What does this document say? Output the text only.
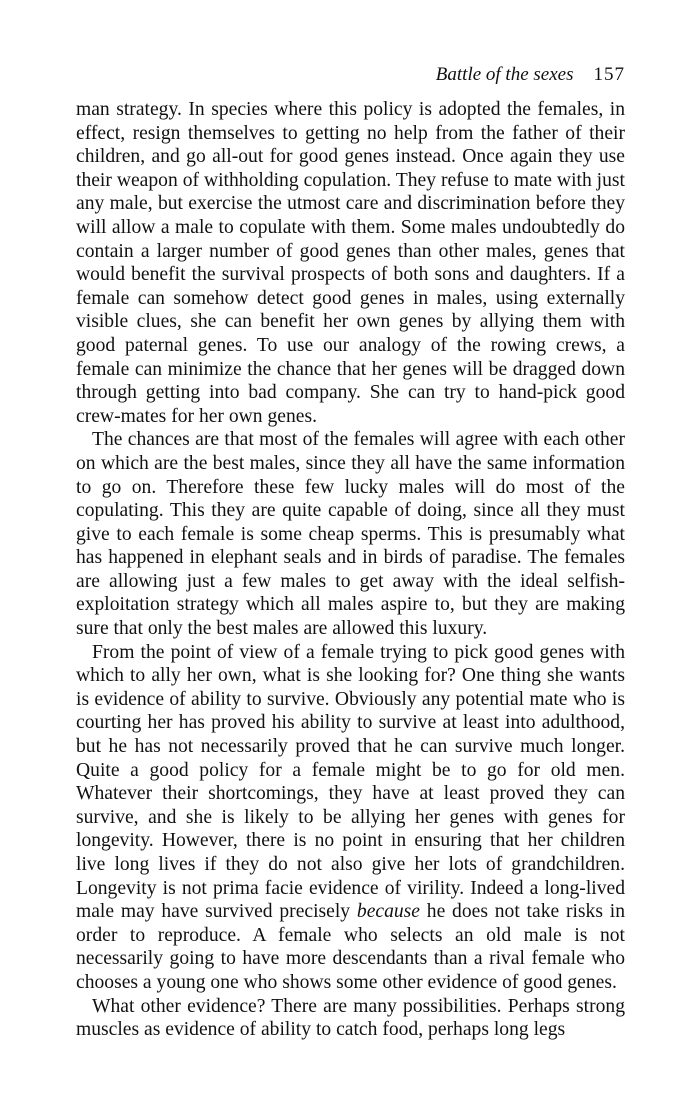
Battle of the sexes 157

man strategy. In species where this policy is adopted the females, in effect, resign themselves to getting no help from the father of their children, and go all-out for good genes instead. Once again they use their weapon of withholding copulation. They refuse to mate with just any male, but exercise the utmost care and discrimination before they will allow a male to copulate with them. Some males undoubtedly do contain a larger number of good genes than other males, genes that would benefit the survival prospects of both sons and daughters. If a female can somehow detect good genes in males, using externally visible clues, she can benefit her own genes by allying them with good paternal genes. To use our analogy of the rowing crews, a female can minimize the chance that her genes will be dragged down through getting into bad company. She can try to hand-pick good crew-mates for her own genes.

The chances are that most of the females will agree with each other on which are the best males, since they all have the same information to go on. Therefore these few lucky males will do most of the copulating. This they are quite capable of doing, since all they must give to each female is some cheap sperms. This is presumably what has happened in elephant seals and in birds of paradise. The females are allowing just a few males to get away with the ideal selfish-exploitation strategy which all males aspire to, but they are making sure that only the best males are allowed this luxury.

From the point of view of a female trying to pick good genes with which to ally her own, what is she looking for? One thing she wants is evidence of ability to survive. Obviously any potential mate who is courting her has proved his ability to survive at least into adulthood, but he has not necessarily proved that he can survive much longer. Quite a good policy for a female might be to go for old men. Whatever their shortcomings, they have at least proved they can survive, and she is likely to be allying her genes with genes for longevity. However, there is no point in ensuring that her children live long lives if they do not also give her lots of grandchildren. Longevity is not prima facie evidence of virility. Indeed a long-lived male may have survived precisely because he does not take risks in order to reproduce. A female who selects an old male is not necessarily going to have more descendants than a rival female who chooses a young one who shows some other evidence of good genes.

What other evidence? There are many possibilities. Perhaps strong muscles as evidence of ability to catch food, perhaps long legs
